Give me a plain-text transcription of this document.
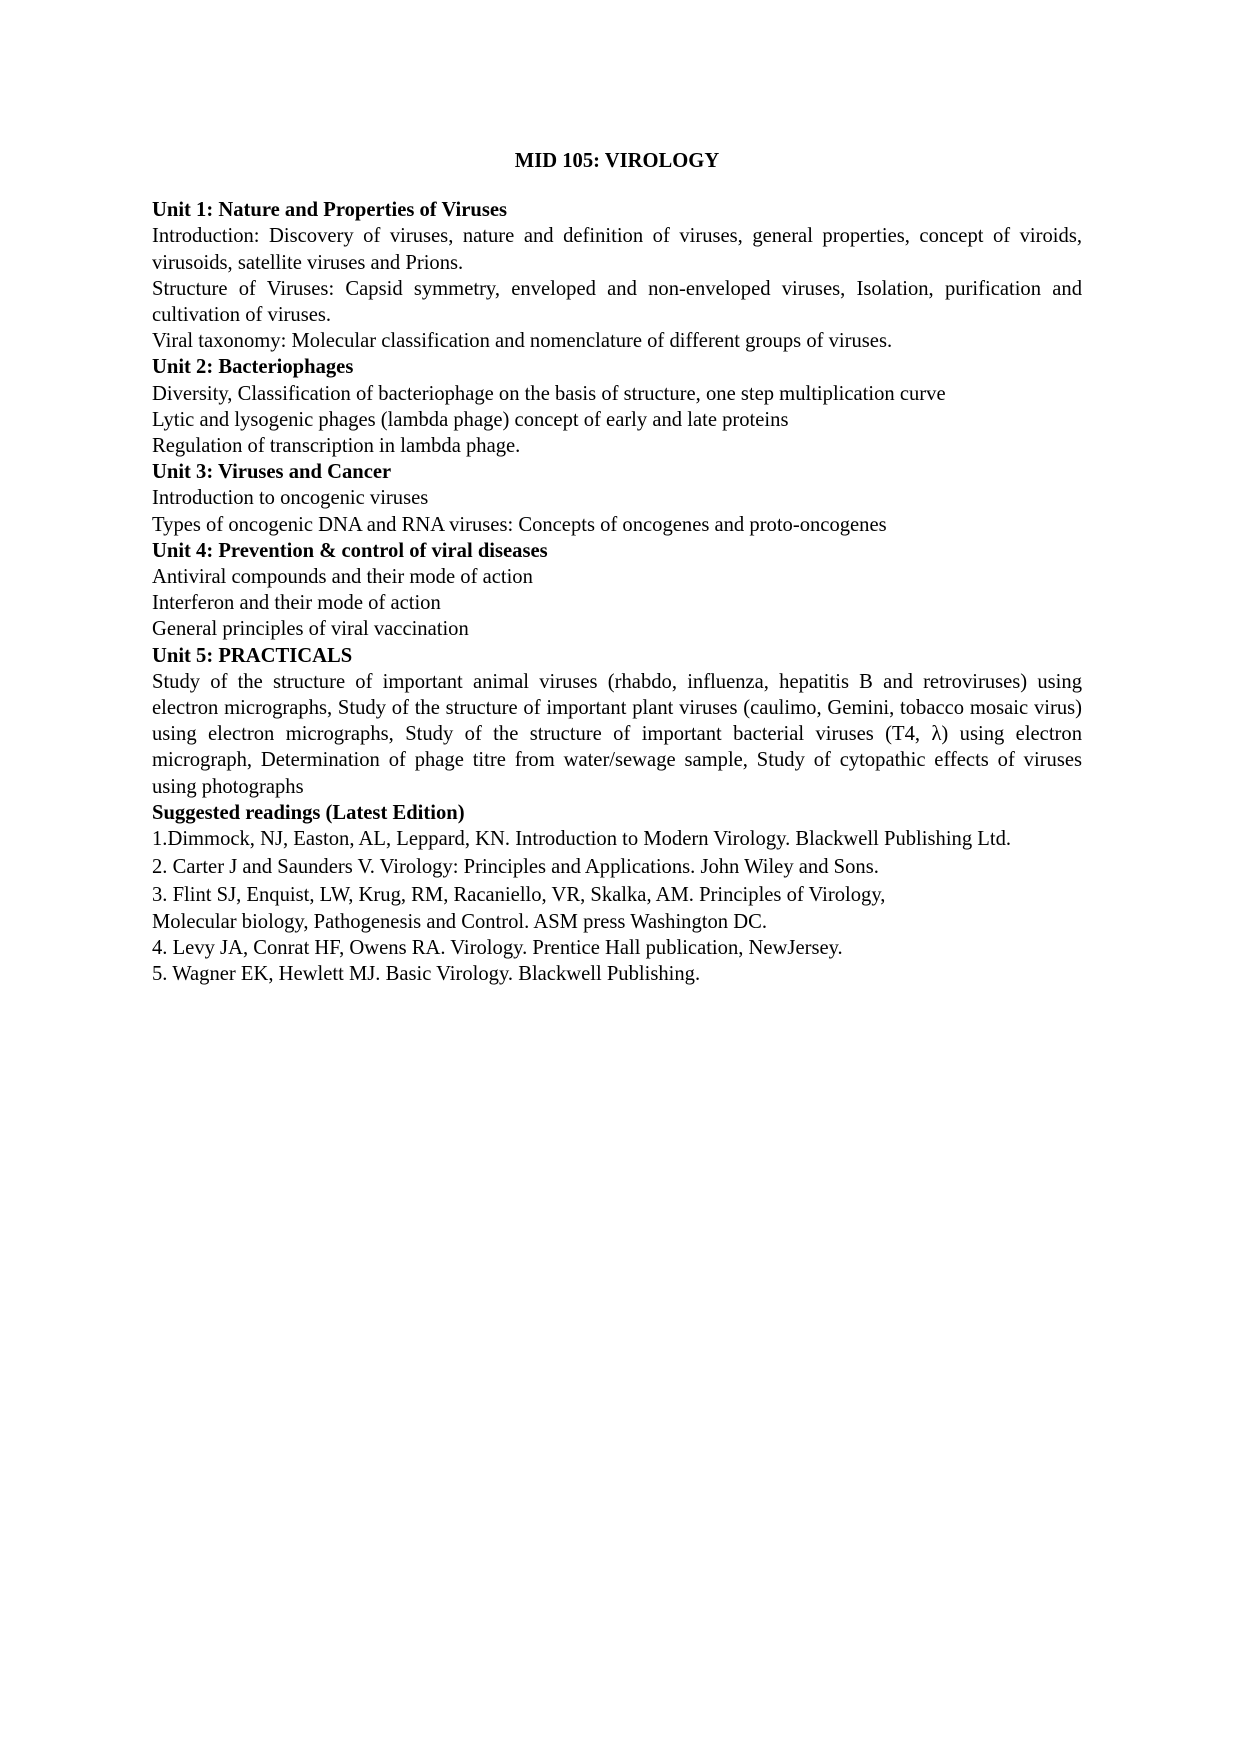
MID 105: VIROLOGY
Unit 1: Nature and Properties of Viruses

Introduction: Discovery of viruses, nature and definition of viruses, general properties, concept of viroids, virusoids, satellite viruses and Prions.

Structure of Viruses: Capsid symmetry, enveloped and non-enveloped viruses, Isolation, purification and cultivation of viruses.

Viral taxonomy: Molecular classification and nomenclature of different groups of viruses.

Unit 2: Bacteriophages

Diversity, Classification of bacteriophage on the basis of structure, one step multiplication curve

Lytic and lysogenic phages (lambda phage) concept of early and late proteins

Regulation of transcription in lambda phage.

Unit 3: Viruses and Cancer

Introduction to oncogenic viruses

Types of oncogenic DNA and RNA viruses: Concepts of oncogenes and proto-oncogenes

Unit 4: Prevention & control of viral diseases

Antiviral compounds and their mode of action

Interferon and their mode of action

General principles of viral vaccination

Unit 5: PRACTICALS

Study of the structure of important animal viruses (rhabdo, influenza, hepatitis B and retroviruses) using electron micrographs, Study of the structure of important plant viruses (caulimo, Gemini, tobacco mosaic virus) using electron micrographs, Study of the structure of important bacterial viruses (T4, λ) using electron micrograph, Determination of phage titre from water/sewage sample, Study of cytopathic effects of viruses using photographs

Suggested readings (Latest Edition)

1.Dimmock, NJ, Easton, AL, Leppard, KN. Introduction to Modern Virology. Blackwell Publishing Ltd.

2. Carter J and Saunders V. Virology: Principles and Applications. John Wiley and Sons.

3. Flint SJ, Enquist, LW, Krug, RM, Racaniello, VR, Skalka, AM. Principles of Virology,

Molecular biology, Pathogenesis and Control. ASM press Washington DC.

4. Levy JA, Conrat HF, Owens RA. Virology. Prentice Hall publication, NewJersey.

5. Wagner EK, Hewlett MJ. Basic Virology. Blackwell Publishing.
